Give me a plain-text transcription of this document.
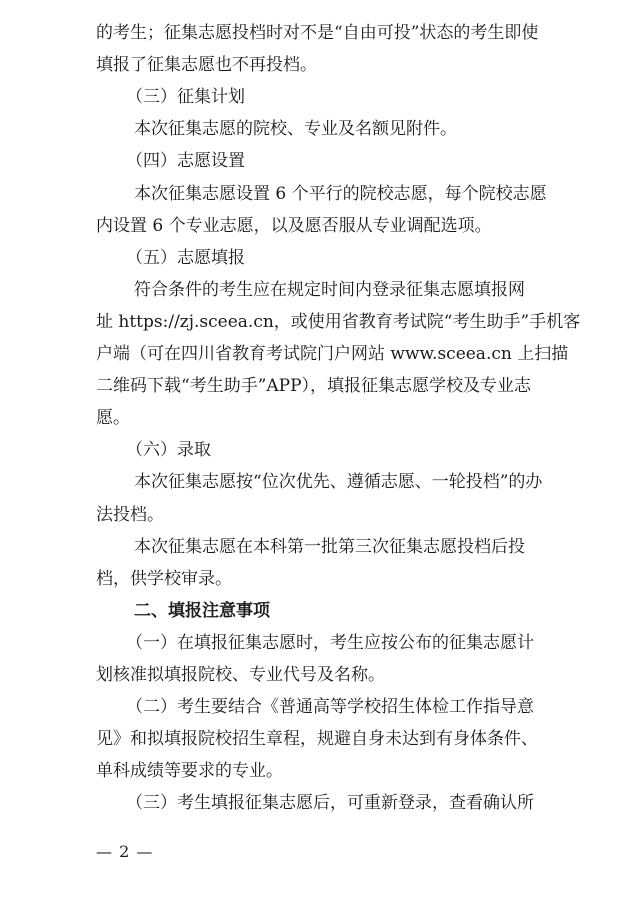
的考生；征集志愿投档时对不是“自由可投”状态的考生即使
填报了征集志愿也不再投档。
（三）征集计划
本次征集志愿的院校、专业及名额见附件。
（四）志愿设置
本次征集志愿设置 6 个平行的院校志愿，每个院校志愿
内设置 6 个专业志愿，以及愿否服从专业调配选项。
（五）志愿填报
符合条件的考生应在规定时间内登录征集志愿填报网
址 https://zj.sceea.cn，或使用省教育考试院“考生助手”手机客
户端（可在四川省教育考试院门户网站 www.sceea.cn 上扫描
二维码下载“考生助手”APP），填报征集志愿学校及专业志
愿。
（六）录取
本次征集志愿按“位次优先、遵循志愿、一轮投档”的办
法投档。
本次征集志愿在本科第一批第三次征集志愿投档后投
档，供学校审录。
二、填报注意事项
（一）在填报征集志愿时，考生应按公布的征集志愿计
划核准拟填报院校、专业代号及名称。
（二）考生要结合《普通高等学校招生体检工作指导意
见》和拟填报院校招生章程，规避自身未达到有身体条件、
单科成绩等要求的专业。
（三）考生填报征集志愿后，可重新登录，查看确认所
— 2 —
